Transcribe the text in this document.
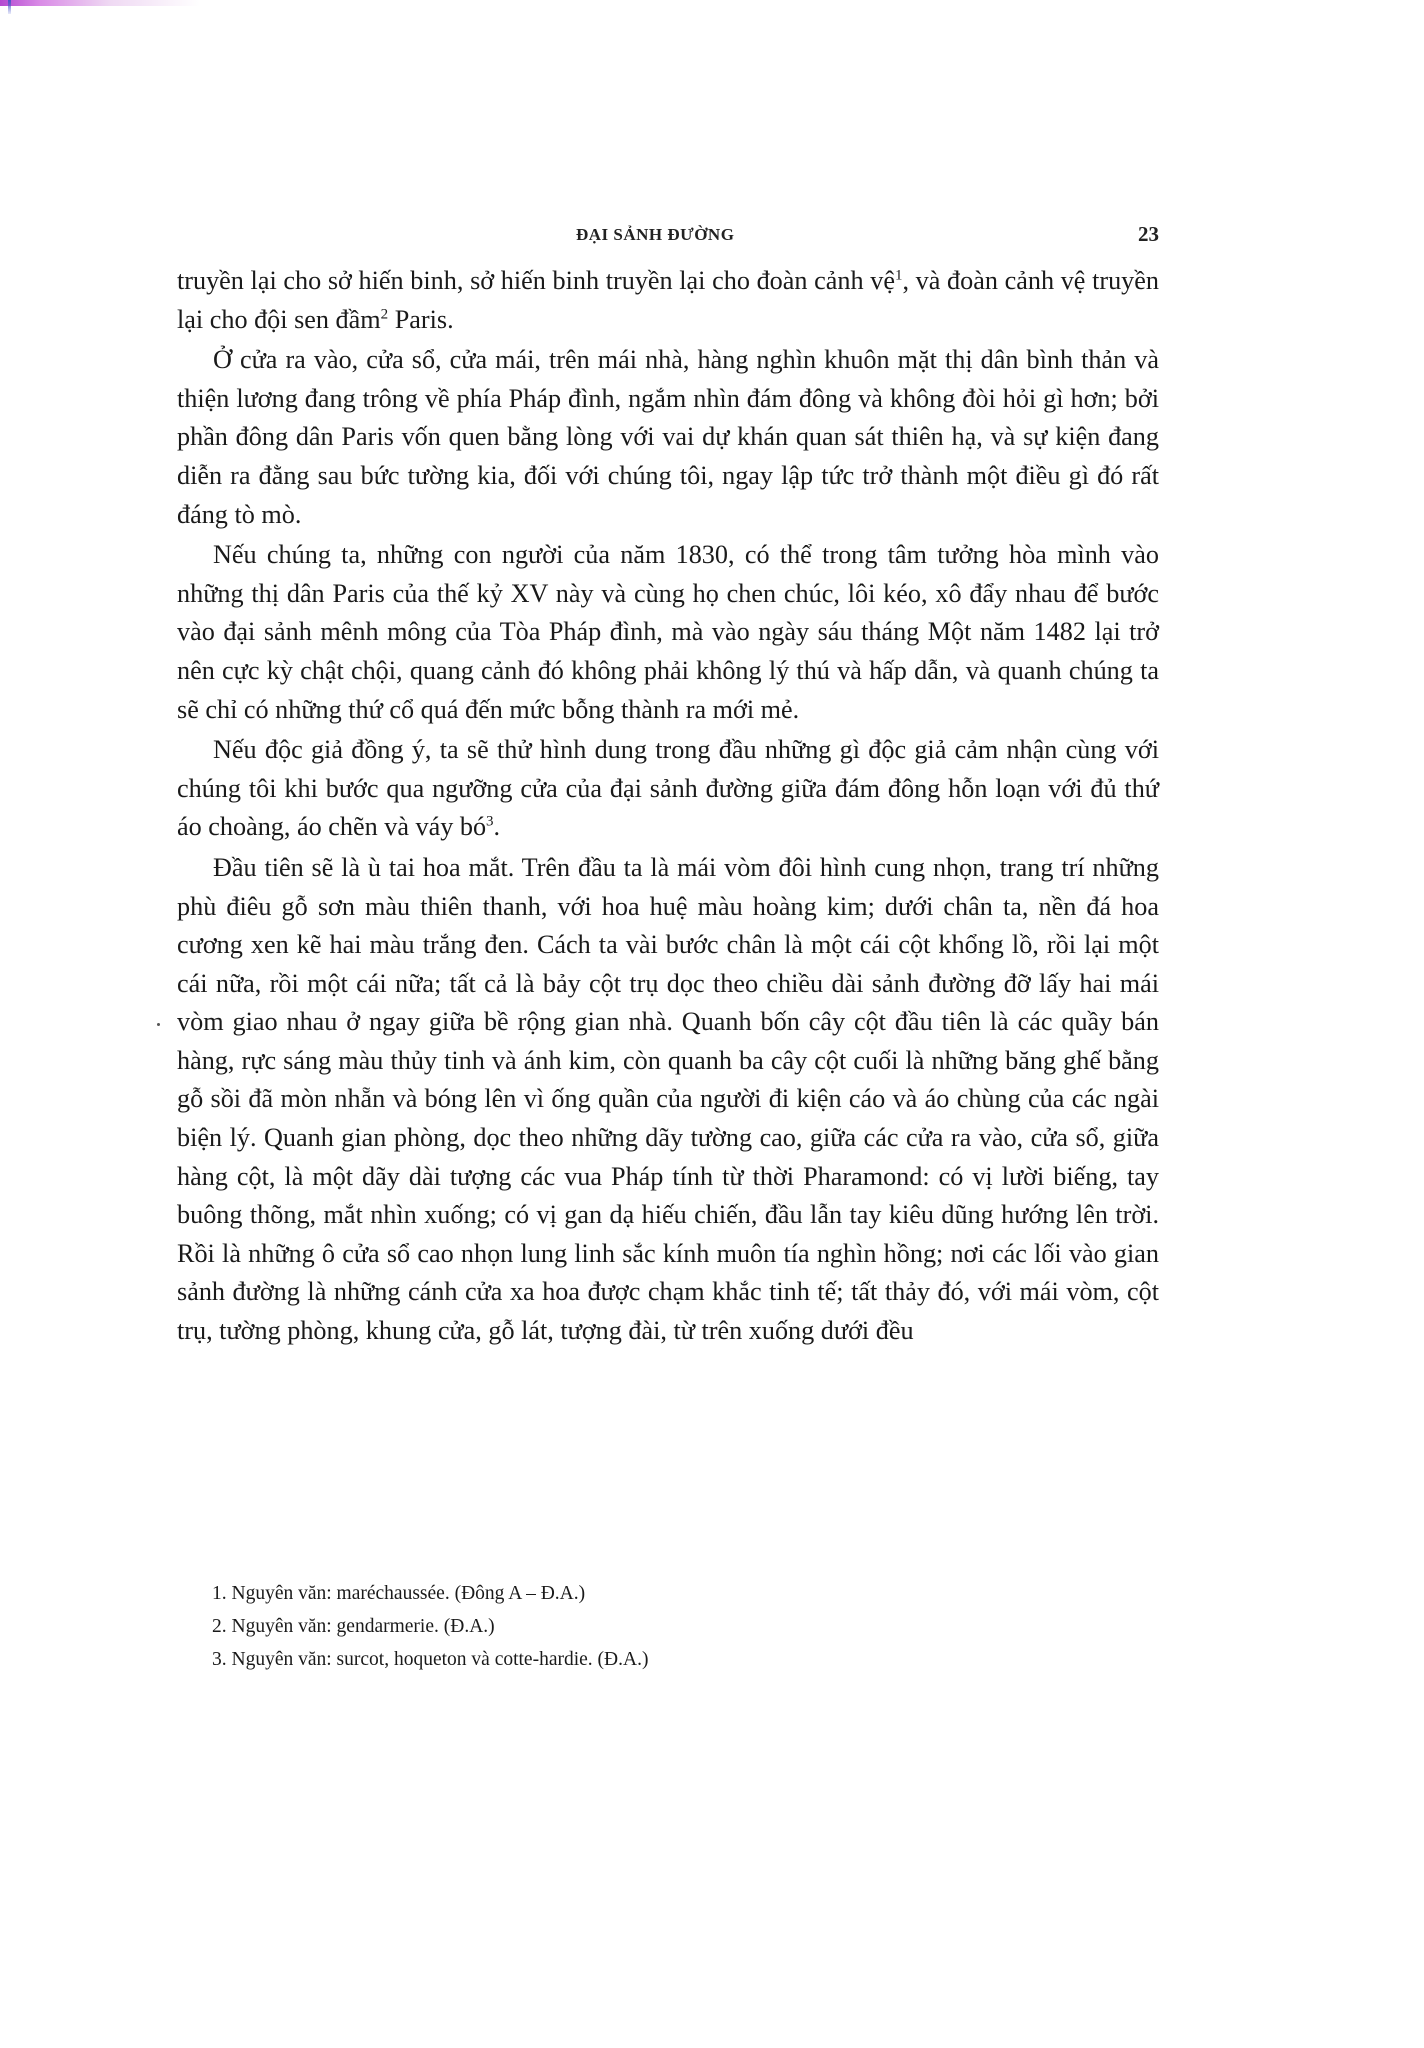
ĐẠI SẢNH ĐƯỜNG	23

truyền lại cho sở hiến binh, sở hiến binh truyền lại cho đoàn cảnh vệ$^1$, và đoàn cảnh vệ truyền lại cho đội sen đầm$^2$ Paris.

Ở cửa ra vào, cửa sổ, cửa mái, trên mái nhà, hàng nghìn khuôn mặt thị dân bình thản và thiện lương đang trông về phía Pháp đình, ngắm nhìn đám đông và không đòi hỏi gì hơn; bởi phần đông dân Paris vốn quen bằng lòng với vai dự khán quan sát thiên hạ, và sự kiện đang diễn ra đằng sau bức tường kia, đối với chúng tôi, ngay lập tức trở thành một điều gì đó rất đáng tò mò.

Nếu chúng ta, những con người của năm 1830, có thể trong tâm tưởng hòa mình vào những thị dân Paris của thế kỷ XV này và cùng họ chen chúc, lôi kéo, xô đẩy nhau để bước vào đại sảnh mênh mông của Tòa Pháp đình, mà vào ngày sáu tháng Một năm 1482 lại trở nên cực kỳ chật chội, quang cảnh đó không phải không lý thú và hấp dẫn, và quanh chúng ta sẽ chỉ có những thứ cổ quá đến mức bỗng thành ra mới mẻ.

Nếu độc giả đồng ý, ta sẽ thử hình dung trong đầu những gì độc giả cảm nhận cùng với chúng tôi khi bước qua ngưỡng cửa của đại sảnh đường giữa đám đông hỗn loạn với đủ thứ áo choàng, áo chẽn và váy $bó^3$.

Đầu tiên sẽ là ù tai hoa mắt. Trên đầu ta là mái vòm đôi hình cung nhọn, trang trí những phù điêu gỗ sơn màu thiên thanh, với hoa huệ màu hoàng kim; dưới chân ta, nền đá hoa cương xen kẽ hai màu trắng đen. Cách ta vài bước chân là một cái cột khổng lồ, rồi lại một cái nữa, rồi một cái nữa; tất cả là bảy cột trụ dọc theo chiều dài sảnh đường đỡ lấy hai mái vòm giao nhau ở ngay giữa bề rộng gian nhà. Quanh bốn cây cột đầu tiên là các quầy bán hàng, rực sáng màu thủy tinh và ánh kim, còn quanh ba cây cột cuối là những băng ghế bằng gỗ sồi đã mòn nhẵn và bóng lên vì ống quần của người đi kiện cáo và áo chùng của các ngài biện lý. Quanh gian phòng, dọc theo những dãy tường cao, giữa các cửa ra vào, cửa sổ, giữa hàng cột, là một dãy dài tượng các vua Pháp tính từ thời Pharamond: có vị lười biếng, tay buông thõng, mắt nhìn xuống; có vị gan dạ hiếu chiến, đầu lẫn tay kiêu dũng hướng lên trời. Rồi là những ô cửa sổ cao nhọn lung linh sắc kính muôn tía nghìn hồng; nơi các lối vào gian sảnh đường là những cánh cửa xa hoa được chạm khắc tinh tế; tất thảy đó, với mái vòm, cột trụ, tường phòng, khung cửa, gỗ lát, tượng đài, từ trên xuống dưới đều

1. Nguyên văn: maréchaussée. (Đông A – Đ.A.)
2. Nguyên văn: gendarmerie. (Đ.A.)
3. Nguyên văn: surcot, hoqueton và cotte-hardie. (Đ.A.)
